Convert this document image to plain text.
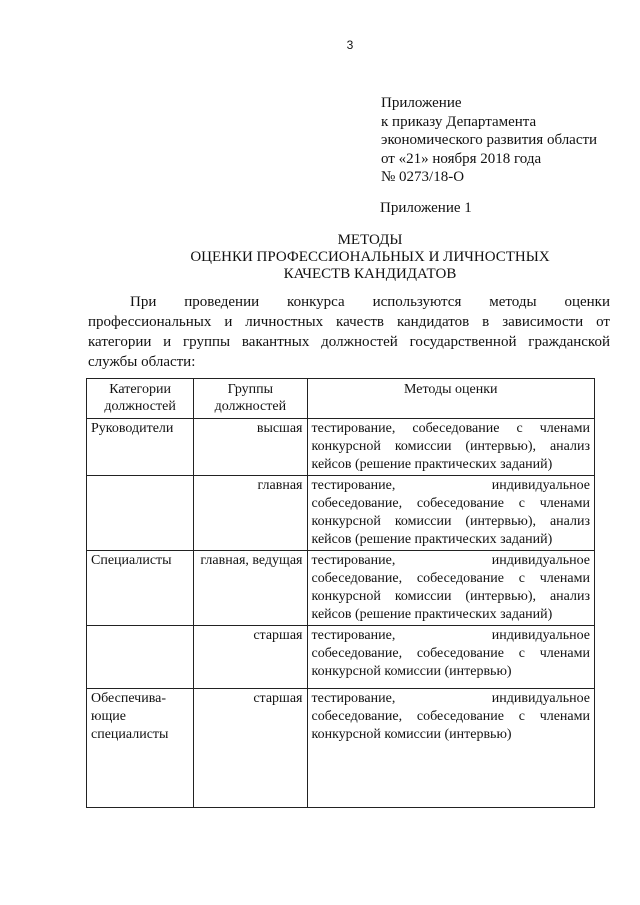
3
Приложение
к приказу Департамента
экономического развития области
от «21» ноября 2018 года
№ 0273/18-О
Приложение 1
МЕТОДЫ
ОЦЕНКИ ПРОФЕССИОНАЛЬНЫХ И ЛИЧНОСТНЫХ
КАЧЕСТВ КАНДИДАТОВ

При проведении конкурса используются методы оценки профессиональных и личностных качеств кандидатов в зависимости от категории и группы вакантных должностей государственной гражданской службы области:

Категории должностей	Группы должностей	Методы оценки
Руководители	высшая	тестирование, собеседование с членами конкурсной комиссии (интервью), анализ кейсов (решение практических заданий)
	главная	тестирование, индивидуальное собеседование, собеседование с членами конкурсной комиссии (интервью), анализ кейсов (решение практических заданий)
Специалисты	главная, ведущая	тестирование, индивидуальное собеседование, собеседование с членами конкурсной комиссии (интервью), анализ кейсов (решение практических заданий)
	старшая	тестирование, индивидуальное собеседование, собеседование с членами конкурсной комиссии (интервью)
Обеспечива-ющие специалисты	старшая	тестирование, индивидуальное собеседование, собеседование с членами конкурсной комиссии (интервью)
